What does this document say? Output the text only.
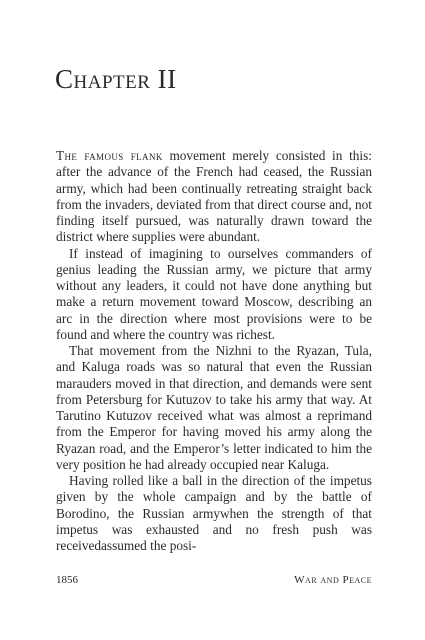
Chapter II

The famous flank movement merely consisted in this: after the advance of the French had ceased, the Russian army, which had been continually retreating straight back from the invaders, deviated from that direct course and, not finding itself pursued, was naturally drawn toward the district where supplies were abundant.

If instead of imagining to ourselves commanders of genius leading the Russian army, we picture that army without any leaders, it could not have done anything but make a return movement toward Moscow, describing an arc in the direction where most provisions were to be found and where the country was richest.

That movement from the Nizhni to the Ryazan, Tula, and Kaluga roads was so natural that even the Russian marauders moved in that direction, and demands were sent from Petersburg for Kutuzov to take his army that way. At Tarutino Kutuzov received what was almost a reprimand from the Emperor for having moved his army along the Ryazan road, and the Emperor’s letter indicated to him the very position he had already occupied near Kaluga.

Having rolled like a ball in the direction of the impetus given by the whole campaign and by the battle of Borodino, the Russian armywhen the strength of that impetus was exhausted and no fresh push was receivedassumed the posi-

1856	War and Peace
